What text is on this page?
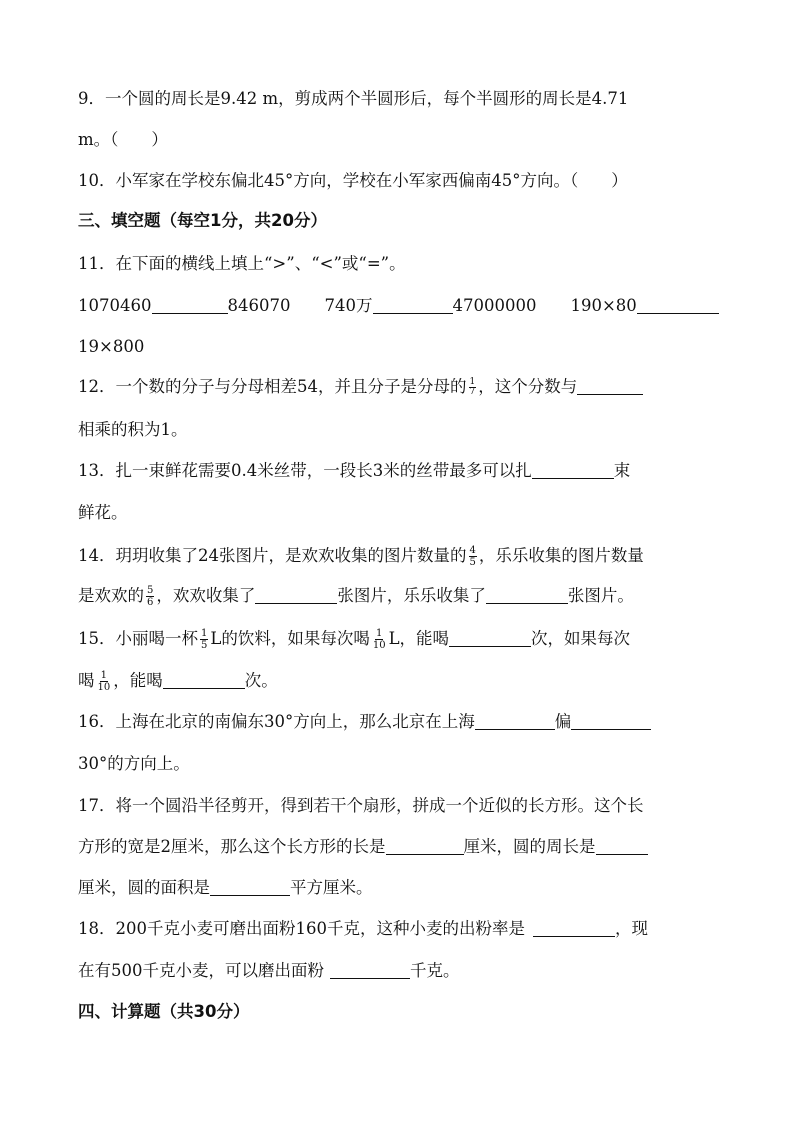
9．一个圆的周长是9.42 m，剪成两个半圆形后，每个半圆形的周长是4.71
m。（　　）
10．小军家在学校东偏北45°方向，学校在小军家西偏南45°方向。（　　）
三、填空题（每空1分，共20分）
11．在下面的横线上填上“>”、“<”或“=”。
1070460	846070 740万	47000000 190×80
19×800
12．一个数的分子与分母相差54，并且分子是分母的 $\frac{1}{7}$ ，这个分数与
相乘的积为1。
13．扎一束鲜花需要0.4米丝带，一段长3米的丝带最多可以扎	束
鲜花。
14．玥玥收集了24张图片，是欢欢收集的图片数量的 $\frac{4}{5}$ ，乐乐收集的图片数量
是欢欢的 $\frac{5}{6}$ ，欢欢收集了	张图片，乐乐收集了	张图片。
15．小丽喝一杯 $\frac{1}{5}$ L的饮料，如果每次喝 $\frac{1}{10}$ L，能喝	次，如果每次
喝 $\frac{1}{10}$ ，能喝	次。
16．上海在北京的南偏东30°方向上，那么北京在上海	偏
30°的方向上。
17．将一个圆沿半径剪开，得到若干个扇形，拼成一个近似的长方形。这个长
方形的宽是2厘米，那么这个长方形的长是	厘米，圆的周长是
厘米，圆的面积是	平方厘米。
18．200千克小麦可磨出面粉160千克，这种小麦的出粉率是	，现
在有500千克小麦，可以磨出面粉	千克。
四、计算题（共30分）
